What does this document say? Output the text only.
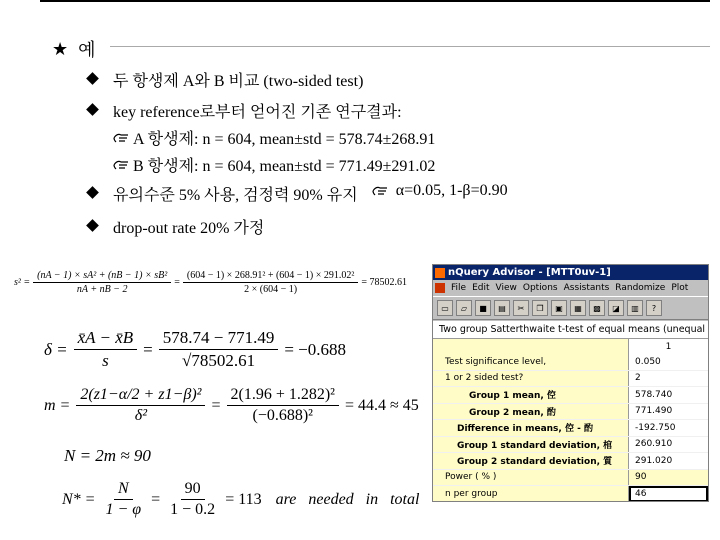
★ 예
두 항생제 A와 B 비교 (two-sided test)
key reference로부터 얻어진 기존 연구결과:
A 항생제: n = 604, mean±std = 578.74±268.91
B 항생제: n = 604, mean±std = 771.49±291.02
유의수준 5% 사용, 검정력 90% 유지 α=0.05, 1-β=0.90
drop-out rate 20% 가정
$s^2 = \frac{\text{(nA − 1) × sA² + (nB − 1) × sB²}}{nA + nB - 2} = \frac{\text{(604 − 1) × 268.91² + (604 − 1) × 291.02²}}{2 \times (604 - 1)} = 78502.61$
$\delta = \frac{x̄A - x̄B}{s} = \frac{578.74 - 771.49}{√78502.61} = -0.688$
$m = \frac{\text{2(z1−α/2 + z1−β)²}}{\text{δ²}} = \frac{\text{2(1.96 + 1.282)²}}{\text{(−0.688)²}} = 44.4 \approx 45$
N = 2m ≈ 90
$N* = \frac{N}{1 - \varphi} = \frac{90}{1 - 0.2} = 113$ are needed in total
nQuery Advisor - [MTT0uv-1]
File Edit View Options Assistants Randomize Plot
▭	▱	■	▤	✂	❐	▣	▦	▩	◪	▥	?
Two group Satterthwaite t-test of equal means (unequal
1
Test significance level,	0.050
1 or 2 sided test?	2
Group 1 mean, 倥	578.740
Group 2 mean, 酌	771.490
Difference in means, 倥 - 酌	-192.750
Group 1 standard deviation, 棺	260.910
Group 2 standard deviation, 質	291.020
Power ( % )	90
n per group	46
